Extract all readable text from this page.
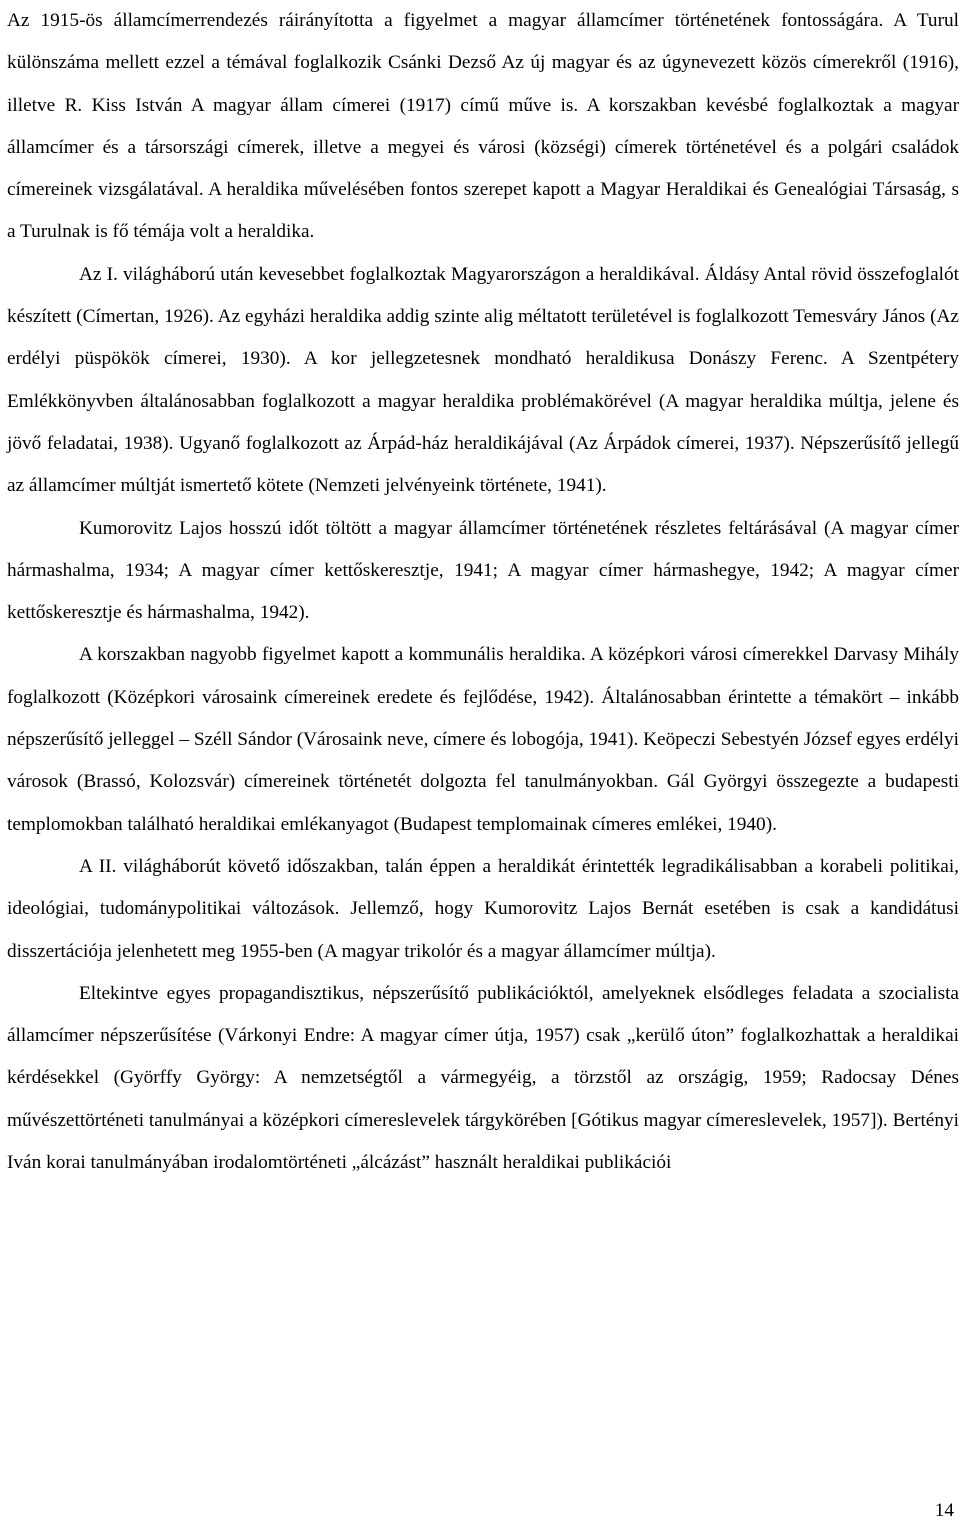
Az 1915-ös államcímerrendezés ráirányította a figyelmet a magyar államcímer történetének fontosságára. A Turul különszáma mellett ezzel a témával foglalkozik Csánki Dezső Az új magyar és az úgynevezett közös címerekről (1916), illetve R. Kiss István A magyar állam címerei (1917) című műve is. A korszakban kevésbé foglalkoztak a magyar államcímer és a társországi címerek, illetve a megyei és városi (községi) címerek történetével és a polgári családok címereinek vizsgálatával. A heraldika művelésében fontos szerepet kapott a Magyar Heraldikai és Genealógiai Társaság, s a Turulnak is fő témája volt a heraldika.

Az I. világháború után kevesebbet foglalkoztak Magyarországon a heraldikával. Áldásy Antal rövid összefoglalót készített (Címertan, 1926). Az egyházi heraldika addig szinte alig méltatott területével is foglalkozott Temesváry János (Az erdélyi püspökök címerei, 1930). A kor jellegzetesnek mondható heraldikusa Donászy Ferenc. A Szentpétery Emlékkönyvben általánosabban foglalkozott a magyar heraldika problémakörével (A magyar heraldika múltja, jelene és jövő feladatai, 1938). Ugyanő foglalkozott az Árpád-ház heraldikájával (Az Árpádok címerei, 1937). Népszerűsítő jellegű az államcímer múltját ismertető kötete (Nemzeti jelvényeink története, 1941).

Kumorovitz Lajos hosszú időt töltött a magyar államcímer történetének részletes feltárásával (A magyar címer hármashalma, 1934; A magyar címer kettőskeresztje, 1941; A magyar címer hármashegye, 1942; A magyar címer kettőskeresztje és hármashalma, 1942).

A korszakban nagyobb figyelmet kapott a kommunális heraldika. A középkori városi címerekkel Darvasy Mihály foglalkozott (Középkori városaink címereinek eredete és fejlődése, 1942). Általánosabban érintette a témakört – inkább népszerűsítő jelleggel – Széll Sándor (Városaink neve, címere és lobogója, 1941). Keöpeczi Sebestyén József egyes erdélyi városok (Brassó, Kolozsvár) címereinek történetét dolgozta fel tanulmányokban. Gál Györgyi összegezte a budapesti templomokban található heraldikai emlékanyagot (Budapest templomainak címeres emlékei, 1940).

A II. világháborút követő időszakban, talán éppen a heraldikát érintették legradikálisabban a korabeli politikai, ideológiai, tudománypolitikai változások. Jellemző, hogy Kumorovitz Lajos Bernát esetében is csak a kandidátusi disszertációja jelenhetett meg 1955-ben (A magyar trikolór és a magyar államcímer múltja).

Eltekintve egyes propagandisztikus, népszerűsítő publikációktól, amelyeknek elsődleges feladata a szocialista államcímer népszerűsítése (Várkonyi Endre: A magyar címer útja, 1957) csak „kerülő úton” foglalkozhattak a heraldikai kérdésekkel (Györffy György: A nemzetségtől a vármegyéig, a törzstől az országig, 1959; Radocsay Dénes művészettörténeti tanulmányai a középkori címereslevelek tárgykörében [Gótikus magyar címereslevelek, 1957]). Bertényi Iván korai tanulmányában irodalomtörténeti „álcázást” használt heraldikai publikációi

14
